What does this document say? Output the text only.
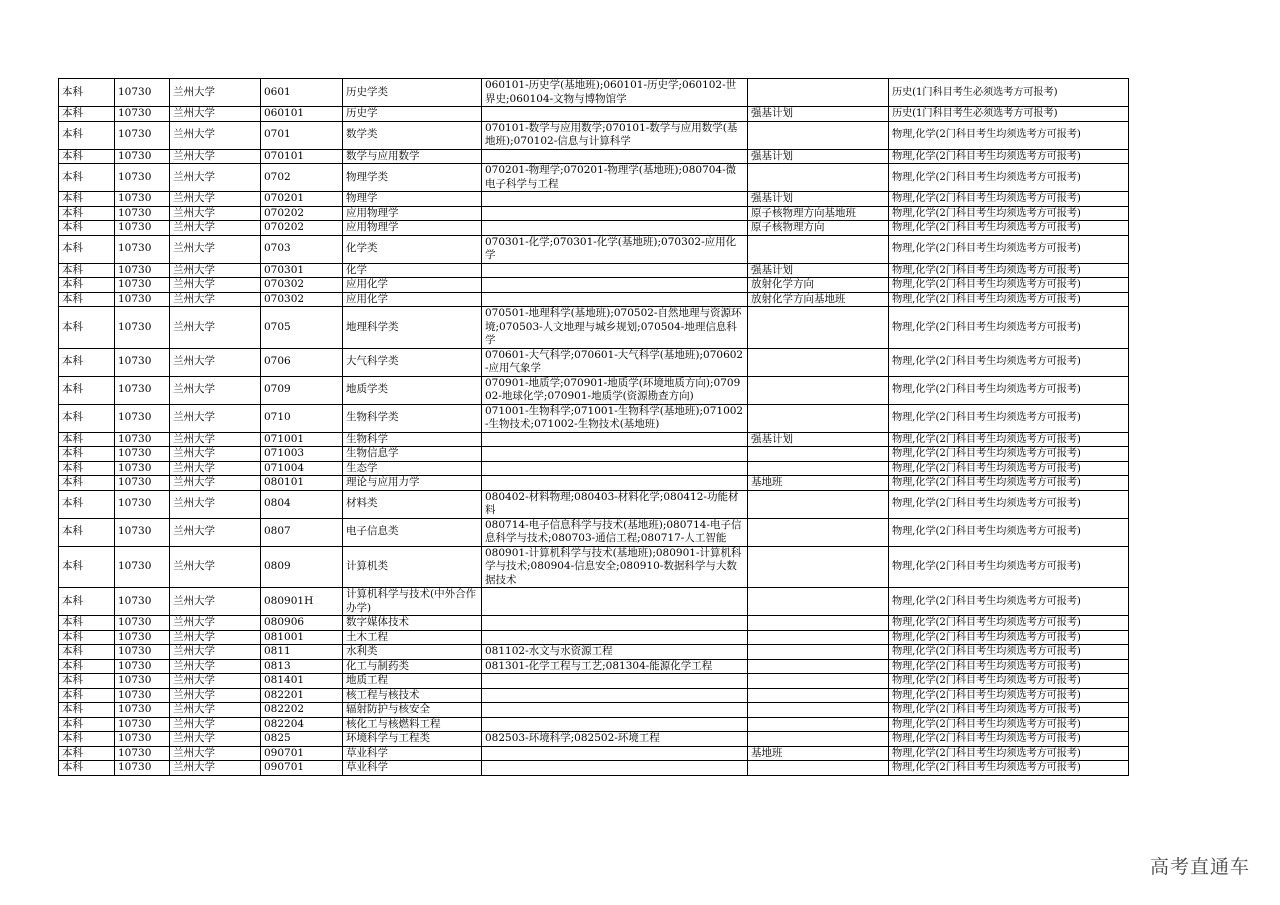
本科	10730	兰州大学	0601	历史学类	060101-历史学(基地班);060101-历史学;060102-世界史;060104-文物与博物馆学		历史(1门科目考生必须选考方可报考)
本科	10730	兰州大学	060101	历史学		强基计划	历史(1门科目考生必须选考方可报考)
本科	10730	兰州大学	0701	数学类	070101-数学与应用数学;070101-数学与应用数学(基地班);070102-信息与计算科学		物理,化学(2门科目考生均须选考方可报考)
本科	10730	兰州大学	070101	数学与应用数学		强基计划	物理,化学(2门科目考生均须选考方可报考)
本科	10730	兰州大学	0702	物理学类	070201-物理学;070201-物理学(基地班);080704-微电子科学与工程		物理,化学(2门科目考生均须选考方可报考)
本科	10730	兰州大学	070201	物理学		强基计划	物理,化学(2门科目考生均须选考方可报考)
本科	10730	兰州大学	070202	应用物理学		原子核物理方向基地班	物理,化学(2门科目考生均须选考方可报考)
本科	10730	兰州大学	070202	应用物理学		原子核物理方向	物理,化学(2门科目考生均须选考方可报考)
本科	10730	兰州大学	0703	化学类	070301-化学;070301-化学(基地班);070302-应用化学		物理,化学(2门科目考生均须选考方可报考)
本科	10730	兰州大学	070301	化学		强基计划	物理,化学(2门科目考生均须选考方可报考)
本科	10730	兰州大学	070302	应用化学		放射化学方向	物理,化学(2门科目考生均须选考方可报考)
本科	10730	兰州大学	070302	应用化学		放射化学方向基地班	物理,化学(2门科目考生均须选考方可报考)
本科	10730	兰州大学	0705	地理科学类	070501-地理科学(基地班);070502-自然地理与资源环境;070503-人文地理与城乡规划;070504-地理信息科学		物理,化学(2门科目考生均须选考方可报考)
本科	10730	兰州大学	0706	大气科学类	070601-大气科学;070601-大气科学(基地班);070602-应用气象学		物理,化学(2门科目考生均须选考方可报考)
本科	10730	兰州大学	0709	地质学类	070901-地质学;070901-地质学(环境地质方向);070902-地球化学;070901-地质学(资源勘查方向)		物理,化学(2门科目考生均须选考方可报考)
本科	10730	兰州大学	0710	生物科学类	071001-生物科学;071001-生物科学(基地班);071002-生物技术;071002-生物技术(基地班)		物理,化学(2门科目考生均须选考方可报考)
本科	10730	兰州大学	071001	生物科学		强基计划	物理,化学(2门科目考生均须选考方可报考)
本科	10730	兰州大学	071003	生物信息学			物理,化学(2门科目考生均须选考方可报考)
本科	10730	兰州大学	071004	生态学			物理,化学(2门科目考生均须选考方可报考)
本科	10730	兰州大学	080101	理论与应用力学		基地班	物理,化学(2门科目考生均须选考方可报考)
本科	10730	兰州大学	0804	材料类	080402-材料物理;080403-材料化学;080412-功能材料		物理,化学(2门科目考生均须选考方可报考)
本科	10730	兰州大学	0807	电子信息类	080714-电子信息科学与技术(基地班);080714-电子信息科学与技术;080703-通信工程;080717-人工智能		物理,化学(2门科目考生均须选考方可报考)
本科	10730	兰州大学	0809	计算机类	080901-计算机科学与技术(基地班);080901-计算机科学与技术;080904-信息安全;080910-数据科学与大数据技术		物理,化学(2门科目考生均须选考方可报考)
本科	10730	兰州大学	080901H	计算机科学与技术(中外合作办学)			物理,化学(2门科目考生均须选考方可报考)
本科	10730	兰州大学	080906	数字媒体技术			物理,化学(2门科目考生均须选考方可报考)
本科	10730	兰州大学	081001	土木工程			物理,化学(2门科目考生均须选考方可报考)
本科	10730	兰州大学	0811	水利类	081102-水文与水资源工程		物理,化学(2门科目考生均须选考方可报考)
本科	10730	兰州大学	0813	化工与制药类	081301-化学工程与工艺;081304-能源化学工程		物理,化学(2门科目考生均须选考方可报考)
本科	10730	兰州大学	081401	地质工程			物理,化学(2门科目考生均须选考方可报考)
本科	10730	兰州大学	082201	核工程与核技术			物理,化学(2门科目考生均须选考方可报考)
本科	10730	兰州大学	082202	辐射防护与核安全			物理,化学(2门科目考生均须选考方可报考)
本科	10730	兰州大学	082204	核化工与核燃料工程			物理,化学(2门科目考生均须选考方可报考)
本科	10730	兰州大学	0825	环境科学与工程类	082503-环境科学;082502-环境工程		物理,化学(2门科目考生均须选考方可报考)
本科	10730	兰州大学	090701	草业科学		基地班	物理,化学(2门科目考生均须选考方可报考)
本科	10730	兰州大学	090701	草业科学			物理,化学(2门科目考生均须选考方可报考)
高考直通车
